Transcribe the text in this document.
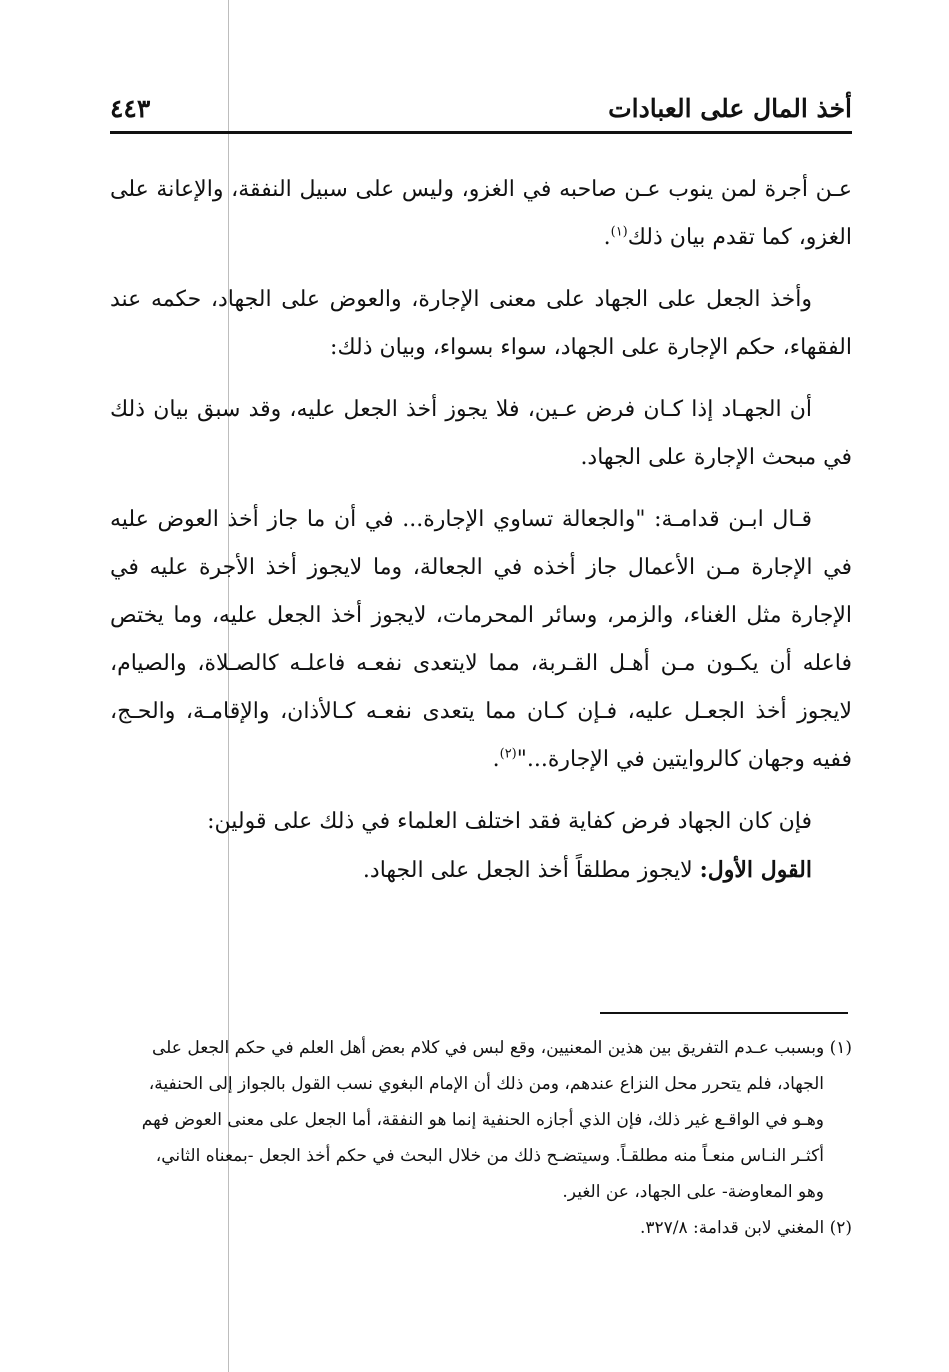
أخذ المال على العبادات
٤٤٣

عـن أجرة لمن ينوب عـن صاحبه في الغزو، وليس على سبيل النفقة، والإعانة على الغزو، كما تقدم بيان ذلك$^{(١)}$.

وأخذ الجعل على الجهاد على معنى الإجارة، والعوض على الجهاد، حكمه عند الفقهاء، حكم الإجارة على الجهاد، سواء بسواء، وبيان ذلك:

أن الجهـاد إذا كـان فرض عـين، فلا يجوز أخذ الجعل عليه، وقد سبق بيان ذلك في مبحث الإجارة على الجهاد.

قـال ابـن قدامـة: "والجعالة تساوي الإجارة... في أن ما جاز أخذ العوض عليه في الإجارة مـن الأعمال جاز أخذه في الجعالة، وما لايجوز أخذ الأجرة عليه في الإجارة مثل الغناء، والزمر، وسائر المحرمات، لايجوز أخذ الجعل عليه، وما يختص فاعله أن يكـون مـن أهـل القـربة، مما لايتعدى نفعـه فاعلـه كالصـلاة، والصيام، لايجوز أخذ الجعـل عليه، فـإن كـان مما يتعدى نفعـه كـالأذان، والإقامـة، والحـج، ففيه وجهان كالروايتين في الإجارة..."$^{(٢)}$.

فإن كان الجهاد فرض كفاية فقد اختلف العلماء في ذلك على قولين:

القول الأول: لايجوز مطلقاً أخذ الجعل على الجهاد.

(١) وبسبب عـدم التفريق بين هذين المعنيين، وقع لبس في كلام بعض أهل العلم في حكم الجعل على

الجهاد، فلم يتحرر محل النزاع عندهم، ومن ذلك أن الإمام البغوي نسب القول بالجواز إلى الحنفية،

وهـو في الواقـع غير ذلك، فإن الذي أجازه الحنفية إنما هو النفقة، أما الجعل على معنى العوض فهم

أكثـر النـاس منعـاً منه مطلقـاً. وسيتضـح ذلك من خلال البحث في حكم أخذ الجعل -بمعناه الثاني،

وهو المعاوضة- على الجهاد، عن الغير.

(٢) المغني لابن قدامة: ٣٢٧/٨.
